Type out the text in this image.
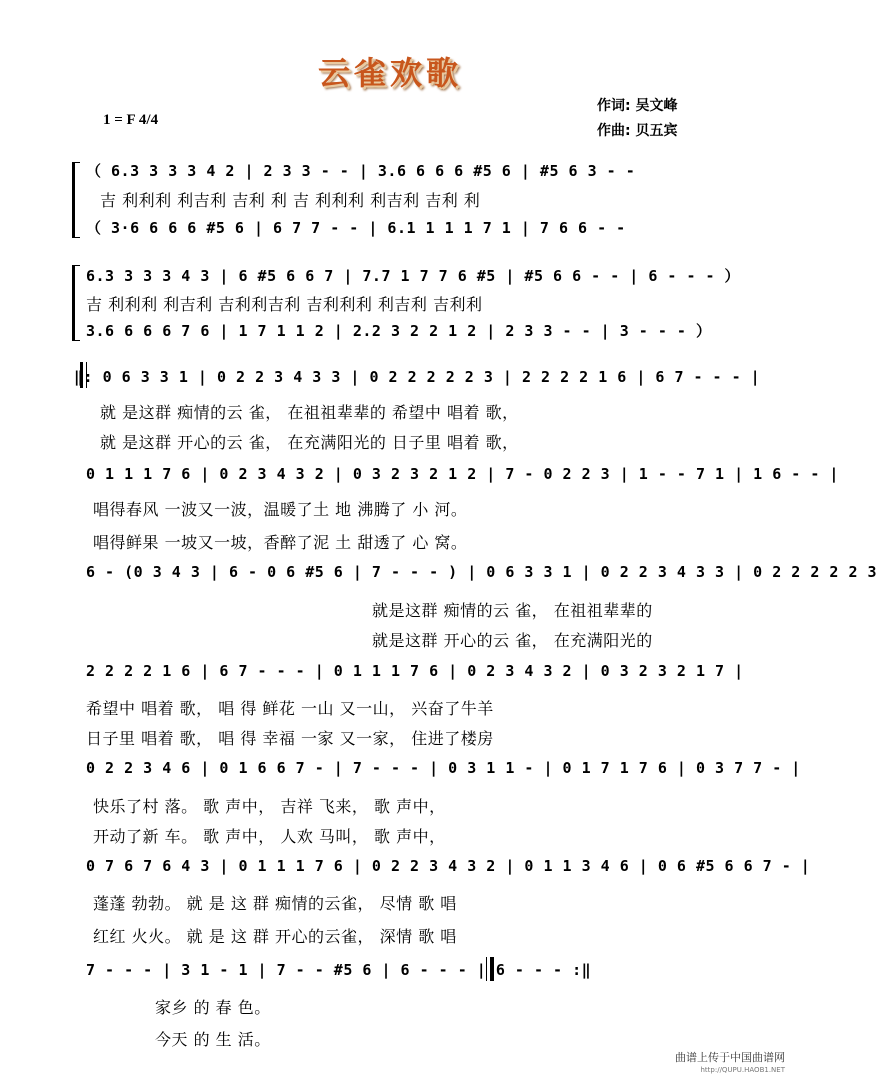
云雀欢歌
1 = F 4/4
作词: 吴文峰
作曲: 贝五宾
（ 6.3 3 3 3 4 2 | 2 3 3 - - | 3.6 6 6 6 #5 6 | #5 6 3 - -
吉 利利利 利吉利 吉利 利 吉 利利利 利吉利 吉利 利
（ 3·6 6 6 6 #5 6 | 6 7 7 - - | 6.1 1 1 1 7 1 | 7 6 6 - -
6.3 3 3 3 4 3 | 6 #5 6 6 7 | 7.7 1 7 7 6 #5 | #5 6 6 - - | 6 - - - ）
吉 利利利 利吉利 吉利利吉利 吉利利利 利吉利 吉利利
3.6 6 6 6 7 6 | 1 7 1 1 2 | 2.2 3 2 2 1 2 | 2 3 3 - - | 3 - - - ）
‖: 0 6 3 3 1 | 0 2 2 3 4 3 3 | 0 2 2 2 2 2 3 | 2 2 2 2 1 6 | 6 7 - - - |
就 是这群 痴情的云 雀， 在祖祖辈辈的 希望中 唱着 歌，
就 是这群 开心的云 雀， 在充满阳光的 日子里 唱着 歌，
0 1 1 1 7 6 | 0 2 3 4 3 2 | 0 3 2 3 2 1 2 | 7 - 0 2 2 3 | 1 - - 7 1 | 1 6 - - |
唱得春风 一波又一波，温暖了土 地 沸腾了 小 河。
唱得鲜果 一坡又一坡，香醉了泥 土 甜透了 心 窝。
6 - (0 3 4 3 | 6 - 0 6 #5 6 | 7 - - - ) | 0 6 3 3 1 | 0 2 2 3 4 3 3 | 0 2 2 2 2 2 3
就是这群 痴情的云 雀， 在祖祖辈辈的
就是这群 开心的云 雀， 在充满阳光的
2 2 2 2 1 6 | 6 7 - - - | 0 1 1 1 7 6 | 0 2 3 4 3 2 | 0 3 2 3 2 1 7 |
希望中 唱着 歌， 唱 得 鲜花 一山 又一山， 兴奋了牛羊
日子里 唱着 歌， 唱 得 幸福 一家 又一家， 住进了楼房
0 2 2 3 4 6 | 0 1 6 6 7 - | 7 - - - | 0 3 1 1 - | 0 1 7 1 7 6 | 0 3 7 7 - |
快乐了村 落。 歌 声中， 吉祥 飞来， 歌 声中，
开动了新 车。 歌 声中， 人欢 马叫， 歌 声中，
0 7 6 7 6 4 3 | 0 1 1 1 7 6 | 0 2 2 3 4 3 2 | 0 1 1 3 4 6 | 0 6 #5 6 6 7 - |
蓬蓬 勃勃。 就 是 这 群 痴情的云雀， 尽情 歌 唱
红红 火火。 就 是 这 群 开心的云雀， 深情 歌 唱
7 - - - | 3 1 - 1 | 7 - - #5 6 | 6 - - - | 6 - - - :‖
家乡 的 春 色。
今天 的 生 活。
曲谱上传于中国曲谱网
http://QUPU.HAOB1.NET
